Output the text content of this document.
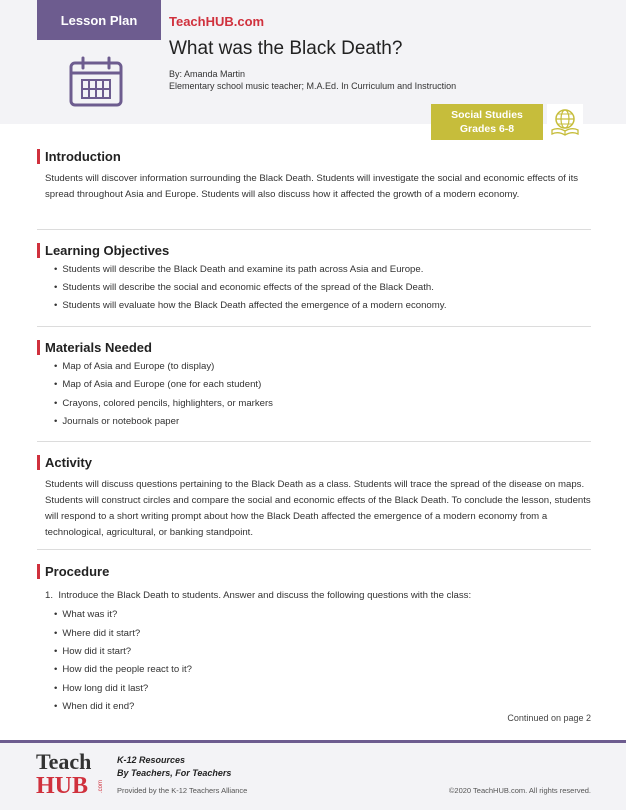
Lesson Plan TeachHUB.com
What was the Black Death?
By: Amanda Martin
Elementary school music teacher; M.A.Ed. In Curriculum and Instruction
Social Studies
Grades 6-8
Introduction
Students will discover information surrounding the Black Death. Students will investigate the social and economic effects of its spread throughout Asia and Europe. Students will also discuss how it affected the growth of a modern economy.
Learning Objectives
• Students will describe the Black Death and examine its path across Asia and Europe.
• Students will describe the social and economic effects of the spread of the Black Death.
• Students will evaluate how the Black Death affected the emergence of a modern economy.
Materials Needed
• Map of Asia and Europe (to display)
• Map of Asia and Europe (one for each student)
• Crayons, colored pencils, highlighters, or markers
• Journals or notebook paper
Activity
Students will discuss questions pertaining to the Black Death as a class. Students will trace the spread of the disease on maps. Students will construct circles and compare the social and economic effects of the Black Death. To conclude the lesson, students will respond to a short writing prompt about how the Black Death affected the emergence of a modern economy from a technological, agricultural, or banking standpoint.
Procedure
1. Introduce the Black Death to students. Answer and discuss the following questions with the class:
• What was it?
• Where did it start?
• How did it start?
• How did the people react to it?
• How long did it last?
• When did it end?
Continued on page 2
Teach
HUB .com
K-12 Resources
By Teachers, For Teachers
Provided by the K-12 Teachers Alliance	©2020 TeachHUB.com. All rights reserved.
